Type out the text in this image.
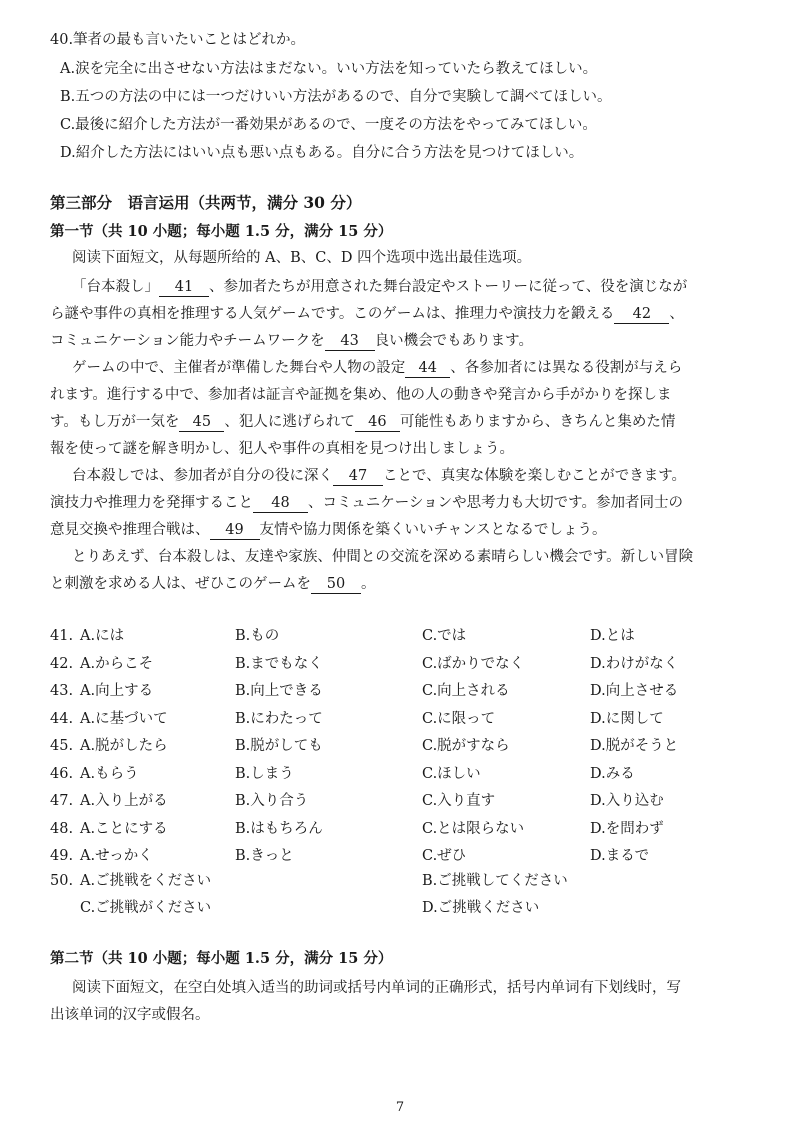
40.筆者の最も言いたいことはどれか。
A.涙を完全に出させない方法はまだない。いい方法を知っていたら教えてほしい。
B.五つの方法の中には一つだけいい方法があるので、自分で実験して調べてほしい。
C.最後に紹介した方法が一番効果があるので、一度その方法をやってみてほしい。
D.紹介した方法にはいい点も悪い点もある。自分に合う方法を見つけてほしい。
第三部分　语言运用（共两节，满分 30 分）
第一节（共 10 小题；每小题 1.5 分，满分 15 分）
阅读下面短文，从每题所给的 A、B、C、D 四个选项中选出最佳选项。
「台本殺し」 41 、参加者たちが用意された舞台設定やストーリーに従って、役を演じなが
ら謎や事件の真相を推理する人気ゲームです。このゲームは、推理力や演技力を鍛える 42 、
コミュニケーション能力やチームワークを 43 良い機会でもあります。
ゲームの中で、主催者が準備した舞台や人物の設定 44 、各参加者には異なる役割が与えら
れます。進行する中で、参加者は証言や証拠を集め、他の人の動きや発言から手がかりを探しま
す。もし万が一気を 45 、犯人に逃げられて 46 可能性もありますから、きちんと集めた情
報を使って謎を解き明かし、犯人や事件の真相を見つけ出しましょう。
台本殺しでは、参加者が自分の役に深く 47 ことで、真実な体験を楽しむことができます。
演技力や推理力を発揮すること 48 、コミュニケーションや思考力も大切です。参加者同士の
意見交換や推理合戦は、 49 友情や協力関係を築くいいチャンスとなるでしょう。
とりあえず、台本殺しは、友達や家族、仲間との交流を深める素晴らしい機会です。新しい冒険
と刺激を求める人は、ぜひこのゲームを 50 。
41. A.には	B.もの	C.では	D.とは
42. A.からこそ	B.までもなく	C.ばかりでなく	D.わけがなく
43. A.向上する	B.向上できる	C.向上される	D.向上させる
44. A.に基づいて	B.にわたって	C.に限って	D.に関して
45. A.脱がしたら	B.脱がしても	C.脱がすなら	D.脱がそうと
46. A.もらう	B.しまう	C.ほしい	D.みる
47. A.入り上がる	B.入り合う	C.入り直す	D.入り込む
48. A.ことにする	B.はもちろん	C.とは限らない	D.を問わず
49. A.せっかく	B.きっと	C.ぜひ	D.まるで
50. A.ご挑戦をください	B.ご挑戦してください
C.ご挑戦がください	D.ご挑戦ください
第二节（共 10 小题；每小题 1.5 分，满分 15 分）
阅读下面短文，在空白处填入适当的助词或括号内单词的正确形式，括号内单词有下划线时，写
出该单词的汉字或假名。
7
